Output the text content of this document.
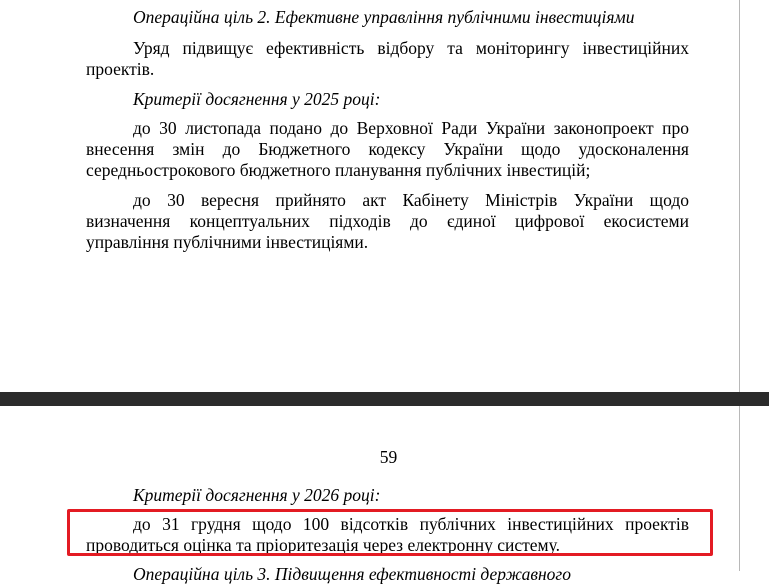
Операційна ціль 2. Ефективне управління публічними інвестиціями
Уряд підвищує ефективність відбору та моніторингу інвестиційних
проектів.
Критерії досягнення у 2025 році:
до 30 листопада подано до Верховної Ради України законопроект про
внесення змін до Бюджетного кодексу України щодо удосконалення
середньострокового бюджетного планування публічних інвестицій;
до 30 вересня прийнято акт Кабінету Міністрів України щодо
визначення концептуальних підходів до єдиної цифрової екосистеми
управління публічними інвестиціями.
59
Критерії досягнення у 2026 році:
до 31 грудня щодо 100 відсотків публічних інвестиційних проектів
проводиться оцінка та пріоритезація через електронну систему.
Операційна ціль 3. Підвищення ефективності державного
